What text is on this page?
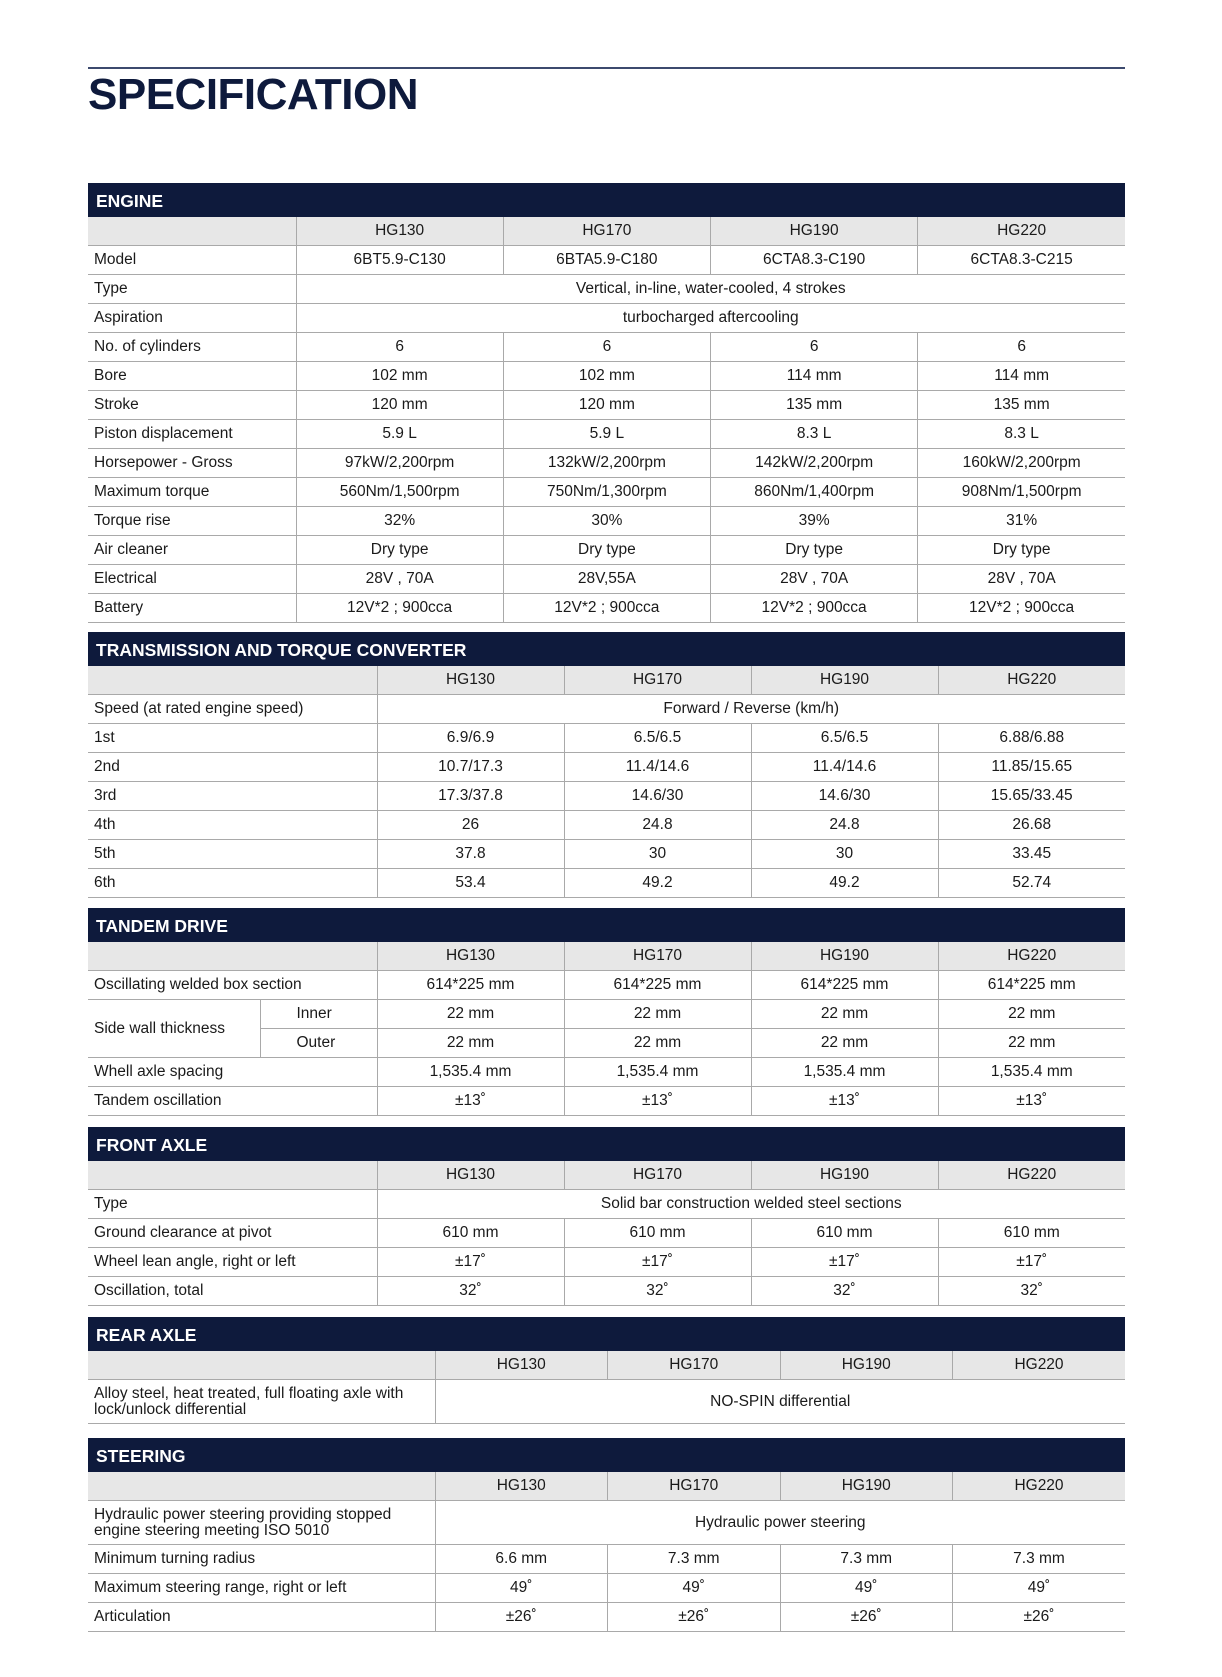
SPECIFICATION
ENGINE
	HG130	HG170	HG190	HG220
Model	6BT5.9-C130	6BTA5.9-C180	6CTA8.3-C190	6CTA8.3-C215
Type	Vertical, in-line, water-cooled, 4 strokes			
Aspiration	turbocharged aftercooling			
No. of cylinders	6	6	6	6
Bore	102 mm	102 mm	114 mm	114 mm
Stroke	120 mm	120 mm	135 mm	135 mm
Piston displacement	5.9 L	5.9 L	8.3 L	8.3 L
Horsepower - Gross	97kW/2,200rpm	132kW/2,200rpm	142kW/2,200rpm	160kW/2,200rpm
Maximum torque	560Nm/1,500rpm	750Nm/1,300rpm	860Nm/1,400rpm	908Nm/1,500rpm
Torque rise	32%	30%	39%	31%
Air cleaner	Dry type	Dry type	Dry type	Dry type
Electrical	28V , 70A	28V,55A	28V , 70A	28V , 70A
Battery	12V*2 ; 900cca	12V*2 ; 900cca	12V*2 ; 900cca	12V*2 ; 900cca
TRANSMISSION AND TORQUE CONVERTER
	HG130	HG170	HG190	HG220
Speed (at rated engine speed)	Forward / Reverse (km/h)			
1st	6.9/6.9	6.5/6.5	6.5/6.5	6.88/6.88
2nd	10.7/17.3	11.4/14.6	11.4/14.6	11.85/15.65
3rd	17.3/37.8	14.6/30	14.6/30	15.65/33.45
4th	26	24.8	24.8	26.68
5th	37.8	30	30	33.45
6th	53.4	49.2	49.2	52.74
TANDEM DRIVE
		HG130	HG170	HG190	HG220
Oscillating welded box section		614*225 mm	614*225 mm	614*225 mm	614*225 mm
Side wall thickness	Inner	22 mm	22 mm	22 mm	22 mm
	Outer	22 mm	22 mm	22 mm	22 mm
Whell axle spacing		1,535.4 mm	1,535.4 mm	1,535.4 mm	1,535.4 mm
Tandem oscillation		±13˚	±13˚	±13˚	±13˚
FRONT AXLE
	HG130	HG170	HG190	HG220
Type	Solid bar construction welded steel sections			
Ground clearance at pivot	610 mm	610 mm	610 mm	610 mm
Wheel lean angle, right or left	±17˚	±17˚	±17˚	±17˚
Oscillation, total	32˚	32˚	32˚	32˚
REAR AXLE
	HG130	HG170	HG190	HG220
Alloy steel, heat treated, full floating axle with lock/unlock differential	NO-SPIN differential			
STEERING
	HG130	HG170	HG190	HG220
Hydraulic power steering providing stopped engine steering meeting ISO 5010	Hydraulic power steering			
Minimum turning radius	6.6 mm	7.3 mm	7.3 mm	7.3 mm
Maximum steering range, right or left	49˚	49˚	49˚	49˚
Articulation	±26˚	±26˚	±26˚	±26˚
